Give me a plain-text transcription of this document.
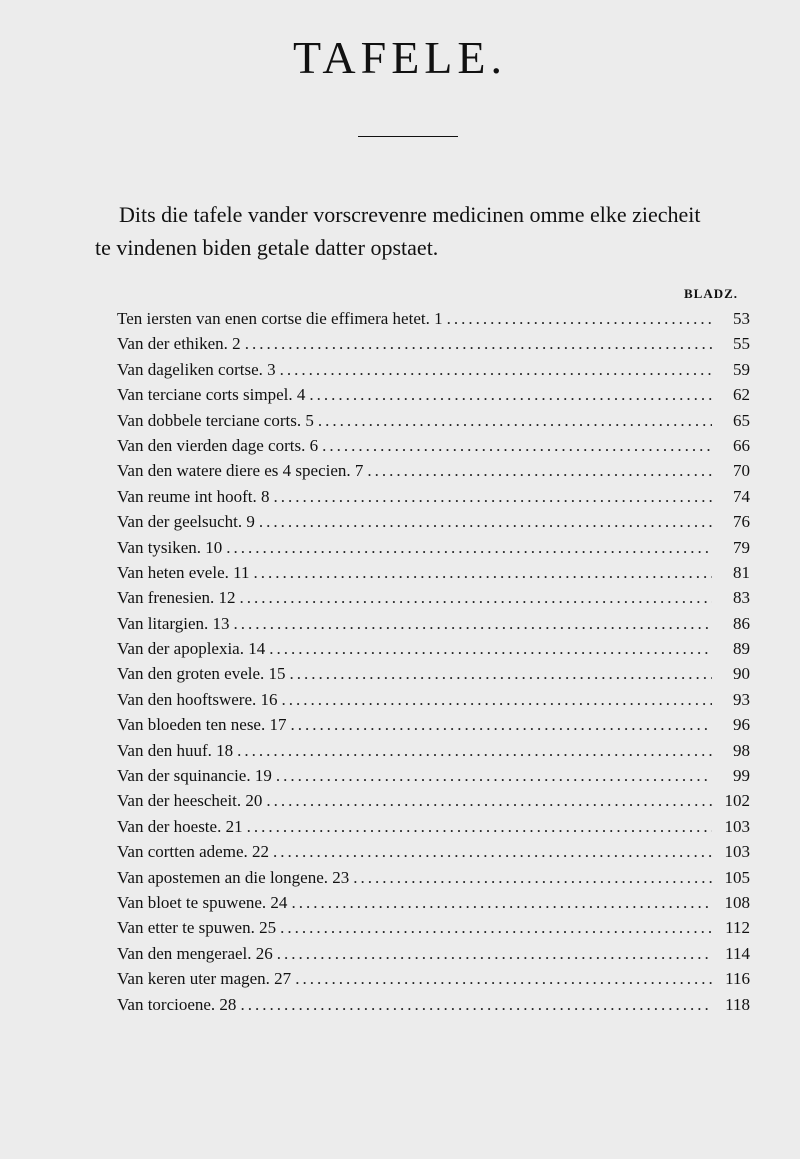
TAFELE.

Dits die tafele vander vorscrevenre medicinen omme elke ziecheit
te vindenen biden getale datter opstaet.

BLADZ.
Ten iersten van enen cortse die effimera hetet. 1 .....	53
Van der ethiken. 2 .....	55
Van dageliken cortse. 3 .....	59
Van terciane corts simpel. 4 .....	62
Van dobbele terciane corts. 5 .....	65
Van den vierden dage corts. 6 .....	66
Van den watere diere es 4 specien. 7 .....	70
Van reume int hooft. 8 .....	74
Van der geelsucht. 9 .....	76
Van tysiken. 10 .....	79
Van heten evele. 11 .....	81
Van frenesien. 12 .....	83
Van litargien. 13 .....	86
Van der apoplexia. 14 .....	89
Van den groten evele. 15 .....	90
Van den hooftswere. 16 .....	93
Van bloeden ten nese. 17 .....	96
Van den huuf. 18 .....	98
Van der squinancie. 19 .....	99
Van der heescheit. 20 .....	102
Van der hoeste. 21 .....	103
Van cortten ademe. 22 .....	103
Van apostemen an die longene. 23 .....	105
Van bloet te spuwene. 24 .....	108
Van etter te spuwen. 25 .....	112
Van den mengerael. 26 .....	114
Van keren uter magen. 27 .....	116
Van torcioene. 28 .....	118
